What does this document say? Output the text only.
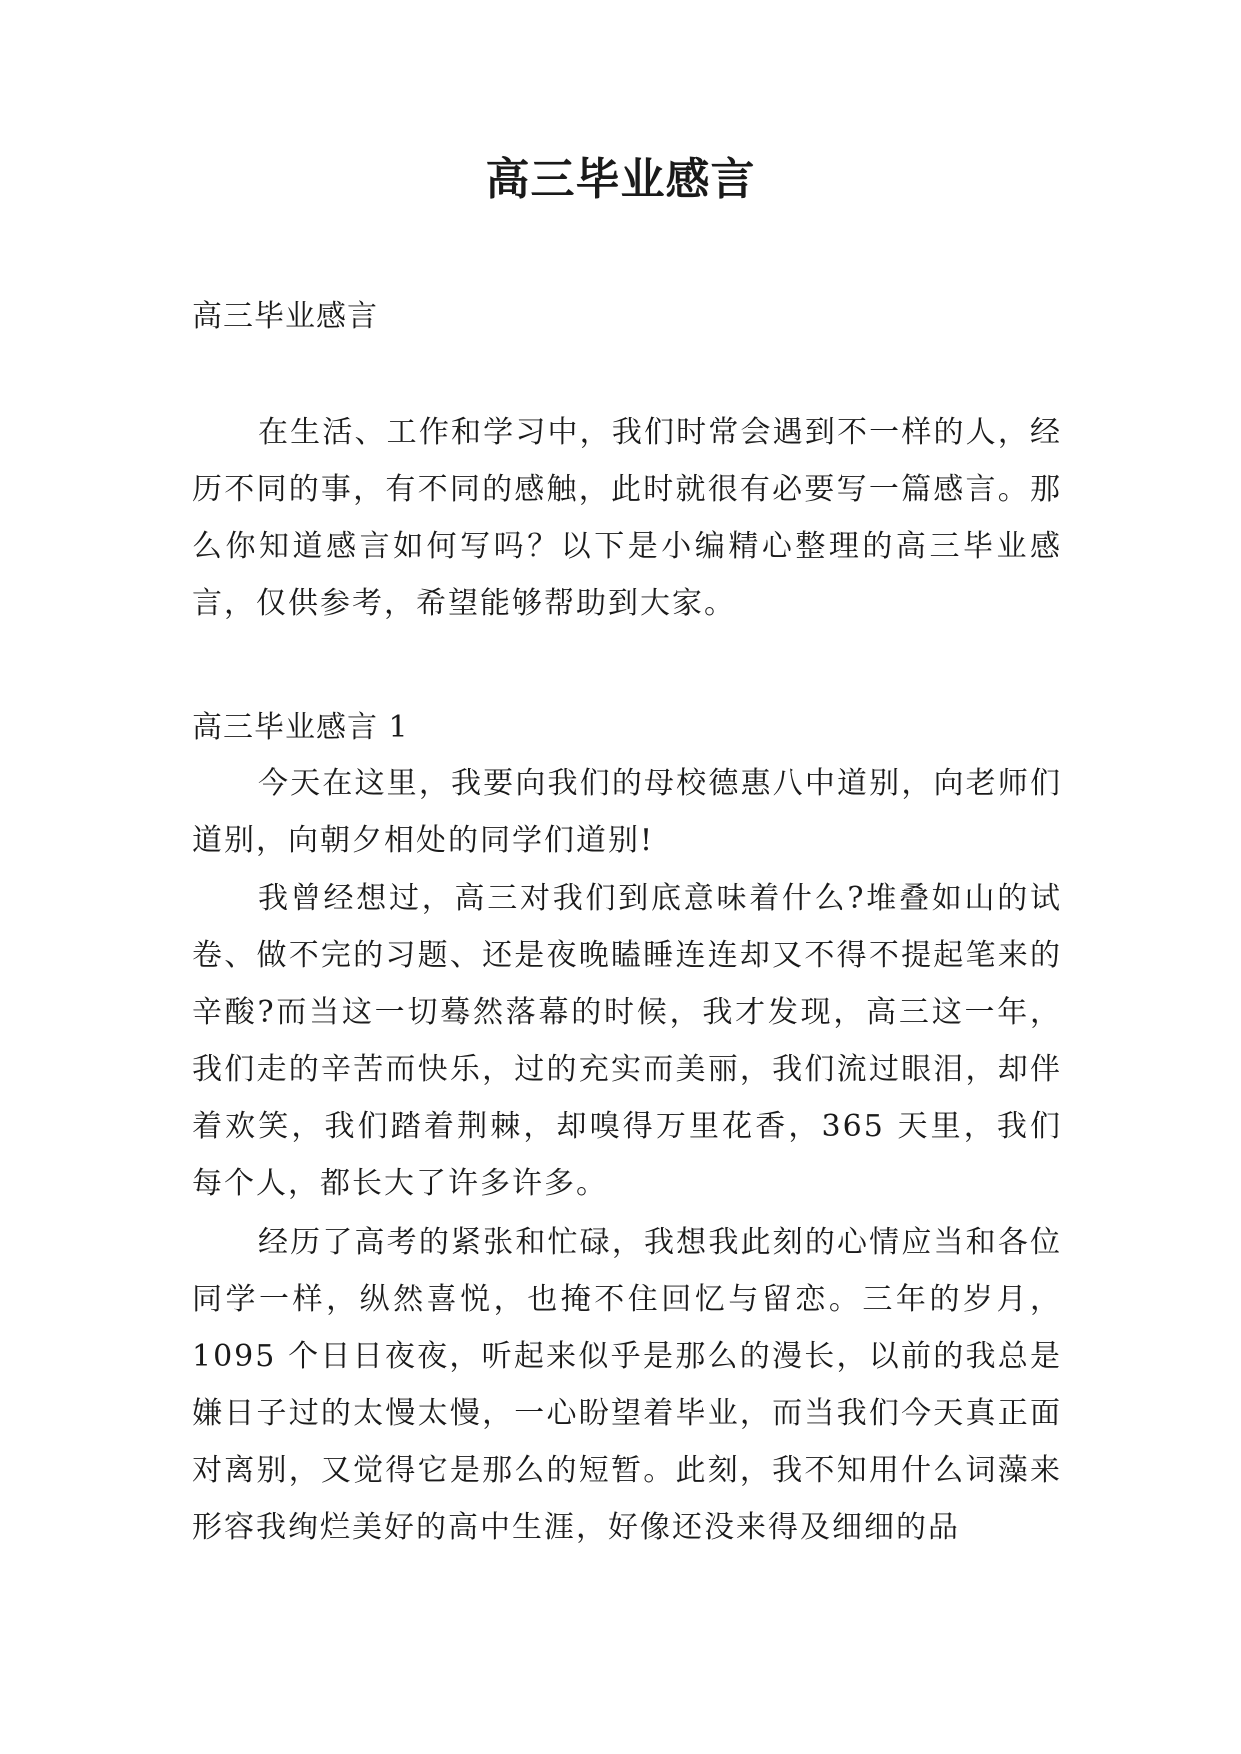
高三毕业感言
高三毕业感言

在生活、工作和学习中，我们时常会遇到不一样的人，经历不同的事，有不同的感触，此时就很有必要写一篇感言。那么你知道感言如何写吗？以下是小编精心整理的高三毕业感言，仅供参考，希望能够帮助到大家。

高三毕业感言 1

今天在这里，我要向我们的母校德惠八中道别，向老师们道别，向朝夕相处的同学们道别!

我曾经想过，高三对我们到底意味着什么?堆叠如山的试卷、做不完的习题、还是夜晚瞌睡连连却又不得不提起笔来的辛酸?而当这一切蓦然落幕的时候，我才发现，高三这一年，我们走的辛苦而快乐，过的充实而美丽，我们流过眼泪，却伴着欢笑，我们踏着荆棘，却嗅得万里花香，365 天里，我们每个人，都长大了许多许多。

经历了高考的紧张和忙碌，我想我此刻的心情应当和各位同学一样，纵然喜悦，也掩不住回忆与留恋。三年的岁月，1095 个日日夜夜，听起来似乎是那么的漫长，以前的我总是嫌日子过的太慢太慢，一心盼望着毕业，而当我们今天真正面对离别，又觉得它是那么的短暂。此刻，我不知用什么词藻来形容我绚烂美好的高中生涯，好像还没来得及细细的品
